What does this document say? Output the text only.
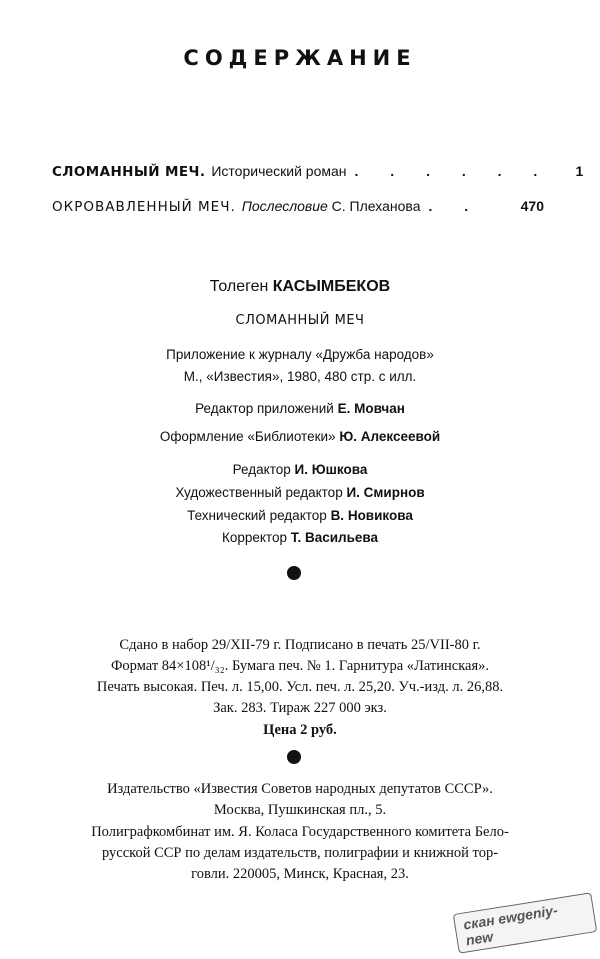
СОДЕРЖАНИЕ
СЛОМАННЫЙ МЕЧ. Исторический роман . . . . . .	1
ОКРОВАВЛЕННЫЙ МЕЧ. Послесловие С. Плеханова . .	470
Толеген КАСЫМБЕКОВ
СЛОМАННЫЙ МЕЧ
Приложение к журналу «Дружба народов»
М., «Известия», 1980, 480 стр. с илл.
Редактор приложений Е. Мовчан
Оформление «Библиотеки» Ю. Алексеевой
Редактор И. Юшкова
Художественный редактор И. Смирнов
Технический редактор В. Новикова
Корректор Т. Васильева
Сдано в набор 29/XII-79 г. Подписано в печать 25/VII-80 г.
Формат 84×108¹/₃₂. Бумага печ. № 1. Гарнитура «Латинская».
Печать высокая. Печ. л. 15,00. Усл. печ. л. 25,20. Уч.-изд. л. 26,88.
Зак. 283. Тираж 227 000 экз.
Цена 2 руб.
Издательство «Известия Советов народных депутатов СССР».
Москва, Пушкинская пл., 5.
Полиграфкомбинат им. Я. Коласа Государственного комитета Бело-
русской ССР по делам издательств, полиграфии и книжной тор-
говли. 220005, Минск, Красная, 23.
скан ewgeniy-new
